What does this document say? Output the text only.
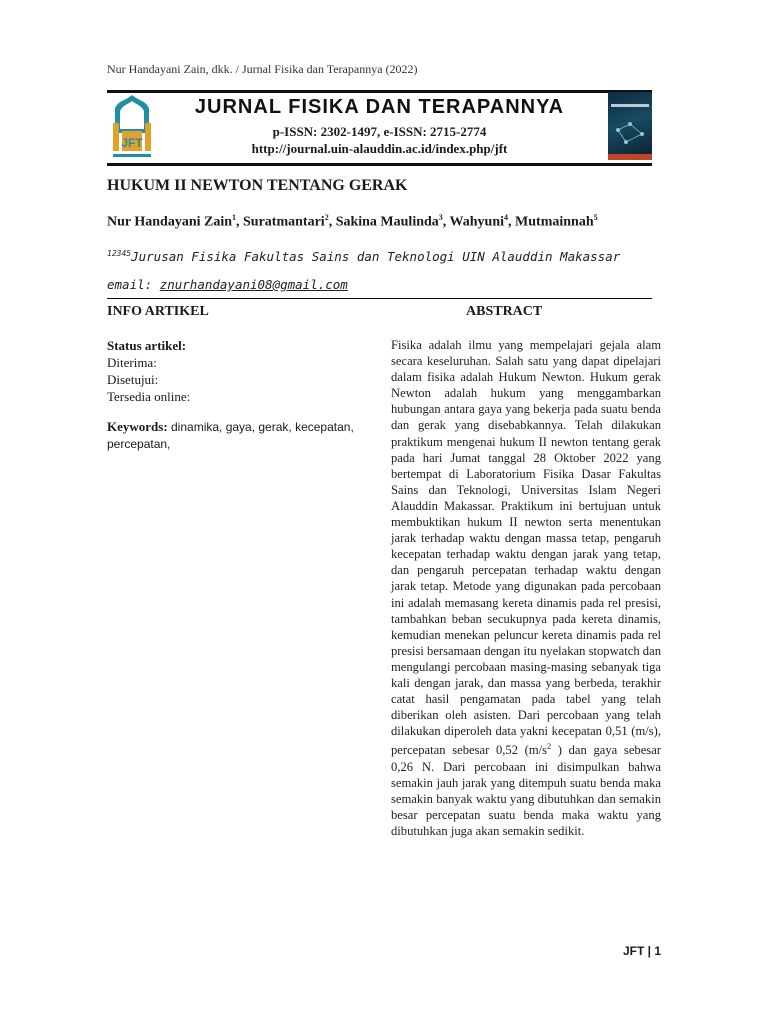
Nur Handayani Zain, dkk. / Jurnal Fisika dan Terapannya (2022)
JFT
JURNAL FISIKA DAN TERAPANNYA
p-ISSN: 2302-1497, e-ISSN: 2715-2774
http://journal.uin-alauddin.ac.id/index.php/jft
HUKUM II NEWTON TENTANG GERAK
Nur Handayani Zain$^1$, Suratmantari$^2$, Sakina Maulinda$^3$, Wahyuni$^4$, Mutmainnah$^5$
$^{12345}$Jurusan Fisika Fakultas Sains dan Teknologi UIN Alauddin Makassar
email: znurhandayani08@gmail.com
INFO ARTIKEL	ABSTRACT
Status artikel:
Diterima:
Disetujui:
Tersedia online:
Keywords: dinamika, gaya, gerak, kecepatan, percepatan,
Fisika adalah ilmu yang mempelajari gejala alam secara keseluruhan. Salah satu yang dapat dipelajari dalam fisika adalah Hukum Newton. Hukum gerak Newton adalah hukum yang menggambarkan hubungan antara gaya yang bekerja pada suatu benda dan gerak yang disebabkannya. Telah dilakukan praktikum mengenai hukum II newton tentang gerak pada hari Jumat tanggal 28 Oktober 2022 yang bertempat di Laboratorium Fisika Dasar Fakultas Sains dan Teknologi, Universitas Islam Negeri Alauddin Makassar. Praktikum ini bertujuan untuk membuktikan hukum II newton serta menentukan jarak terhadap waktu dengan massa tetap, pengaruh kecepatan terhadap waktu dengan jarak yang tetap, dan pengaruh percepatan terhadap waktu dengan jarak tetap. Metode yang digunakan pada percobaan ini adalah memasang kereta dinamis pada rel presisi, tambahkan beban secukupnya pada kereta dinamis, kemudian menekan peluncur kereta dinamis pada rel presisi bersamaan dengan itu nyelakan stopwatch dan mengulangi percobaan masing-masing sebanyak tiga kali dengan jarak, dan massa yang berbeda, terakhir catat hasil pengamatan pada tabel yang telah diberikan oleh asisten. Dari percobaan yang telah dilakukan diperoleh data yakni kecepatan 0,51 (m/s), percepatan sebesar 0,52 ($m/s^2$ ) dan gaya sebesar 0,26 N. Dari percobaan ini disimpulkan bahwa semakin jauh jarak yang ditempuh suatu benda maka semakin banyak waktu yang dibutuhkan dan semakin besar percepatan suatu benda maka waktu yang dibutuhkan juga akan semakin sedikit.
JFT | 1
